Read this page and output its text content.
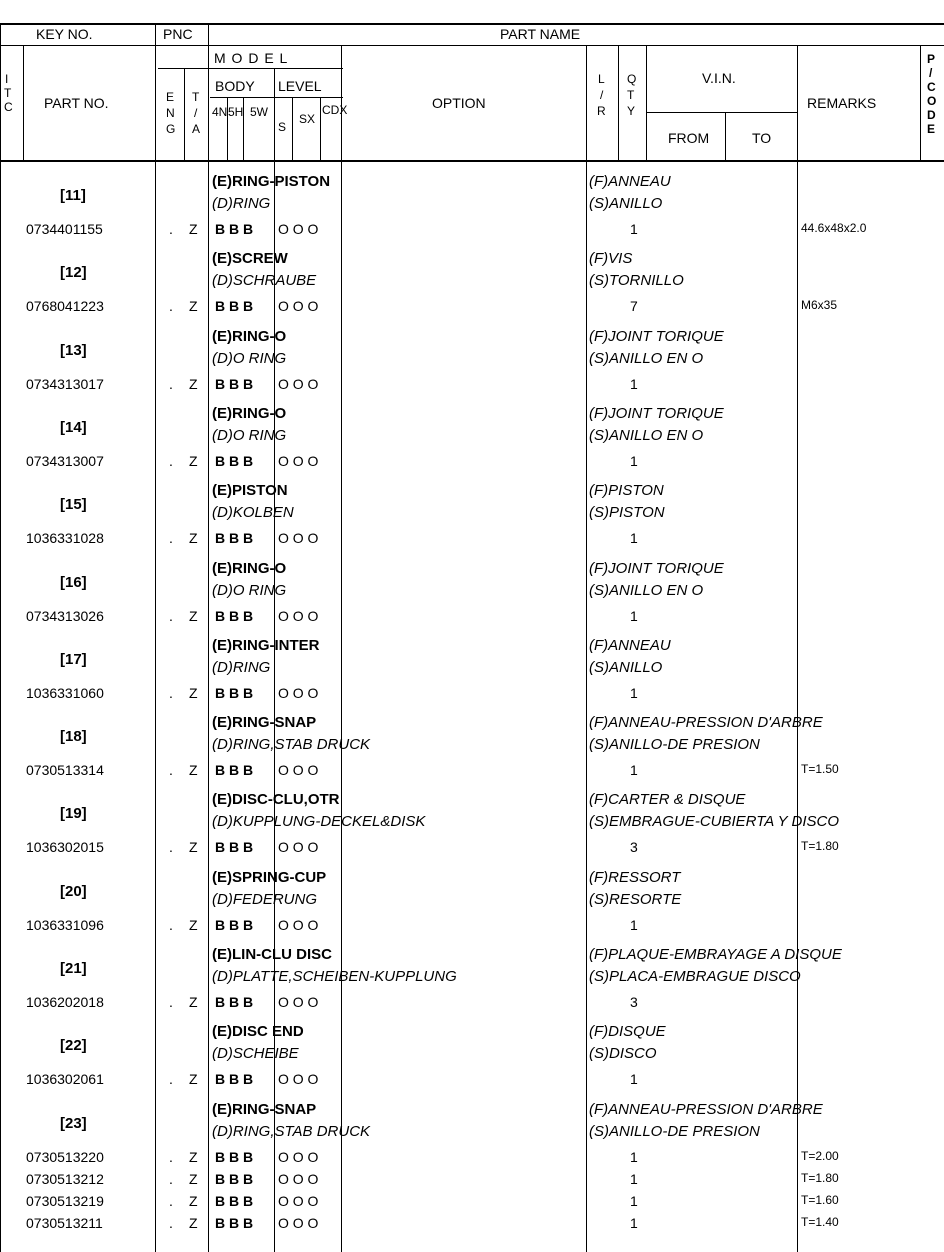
KEY NO.	PNC	PART NAME
I
T
C PART NO.
M O D E L
E
N
G
T
/
A
BODY LEVEL
4N 5H 5W
S
SX
CDX	OPTION
L
/
R
Q
T
Y
V.I.N.
FROM	TO
REMARKS
P
/
C
O
D
E
[11]
(E)RING-PISTON
(D)RING
(F)ANNEAU
(S)ANILLO
0734401155	. Z B B B O O O	1	44.6x48x2.0
[12]
(E)SCREW
(D)SCHRAUBE
(F)VIS
(S)TORNILLO
0768041223	. Z B B B O O O	7	M6x35
[13]
(E)RING-O
(D)O RING
(F)JOINT TORIQUE
(S)ANILLO EN O
0734313017	. Z B B B O O O	1
[14]
(E)RING-O
(D)O RING
(F)JOINT TORIQUE
(S)ANILLO EN O
0734313007	. Z B B B O O O	1
[15]
(E)PISTON
(D)KOLBEN
(F)PISTON
(S)PISTON
1036331028	. Z B B B O O O	1
[16]
(E)RING-O
(D)O RING
(F)JOINT TORIQUE
(S)ANILLO EN O
0734313026	. Z B B B O O O	1
[17]
(E)RING-INTER
(D)RING
(F)ANNEAU
(S)ANILLO
1036331060	. Z B B B O O O	1
[18]
(E)RING-SNAP
(D)RING,STAB DRUCK
(F)ANNEAU-PRESSION D'ARBRE
(S)ANILLO-DE PRESION
0730513314	. Z B B B O O O	1	T=1.50
[19]
(E)DISC-CLU,OTR
(D)KUPPLUNG-DECKEL&DISK
(F)CARTER & DISQUE
(S)EMBRAGUE-CUBIERTA Y DISCO
1036302015	. Z B B B O O O	3	T=1.80
[20]
(E)SPRING-CUP
(D)FEDERUNG
(F)RESSORT
(S)RESORTE
1036331096	. Z B B B O O O	1
[21]
(E)LIN-CLU DISC
(D)PLATTE,SCHEIBEN-KUPPLUNG
(F)PLAQUE-EMBRAYAGE A DISQUE
(S)PLACA-EMBRAGUE DISCO
1036202018	. Z B B B O O O	3
[22]
(E)DISC END
(D)SCHEIBE
(F)DISQUE
(S)DISCO
1036302061	. Z B B B O O O	1
[23]
(E)RING-SNAP
(D)RING,STAB DRUCK
(F)ANNEAU-PRESSION D'ARBRE
(S)ANILLO-DE PRESION
0730513220	. Z B B B O O O	1	T=2.00
0730513212	. Z B B B O O O	1	T=1.80
0730513219	. Z B B B O O O	1	T=1.60
0730513211	. Z B B B O O O	1	T=1.40
